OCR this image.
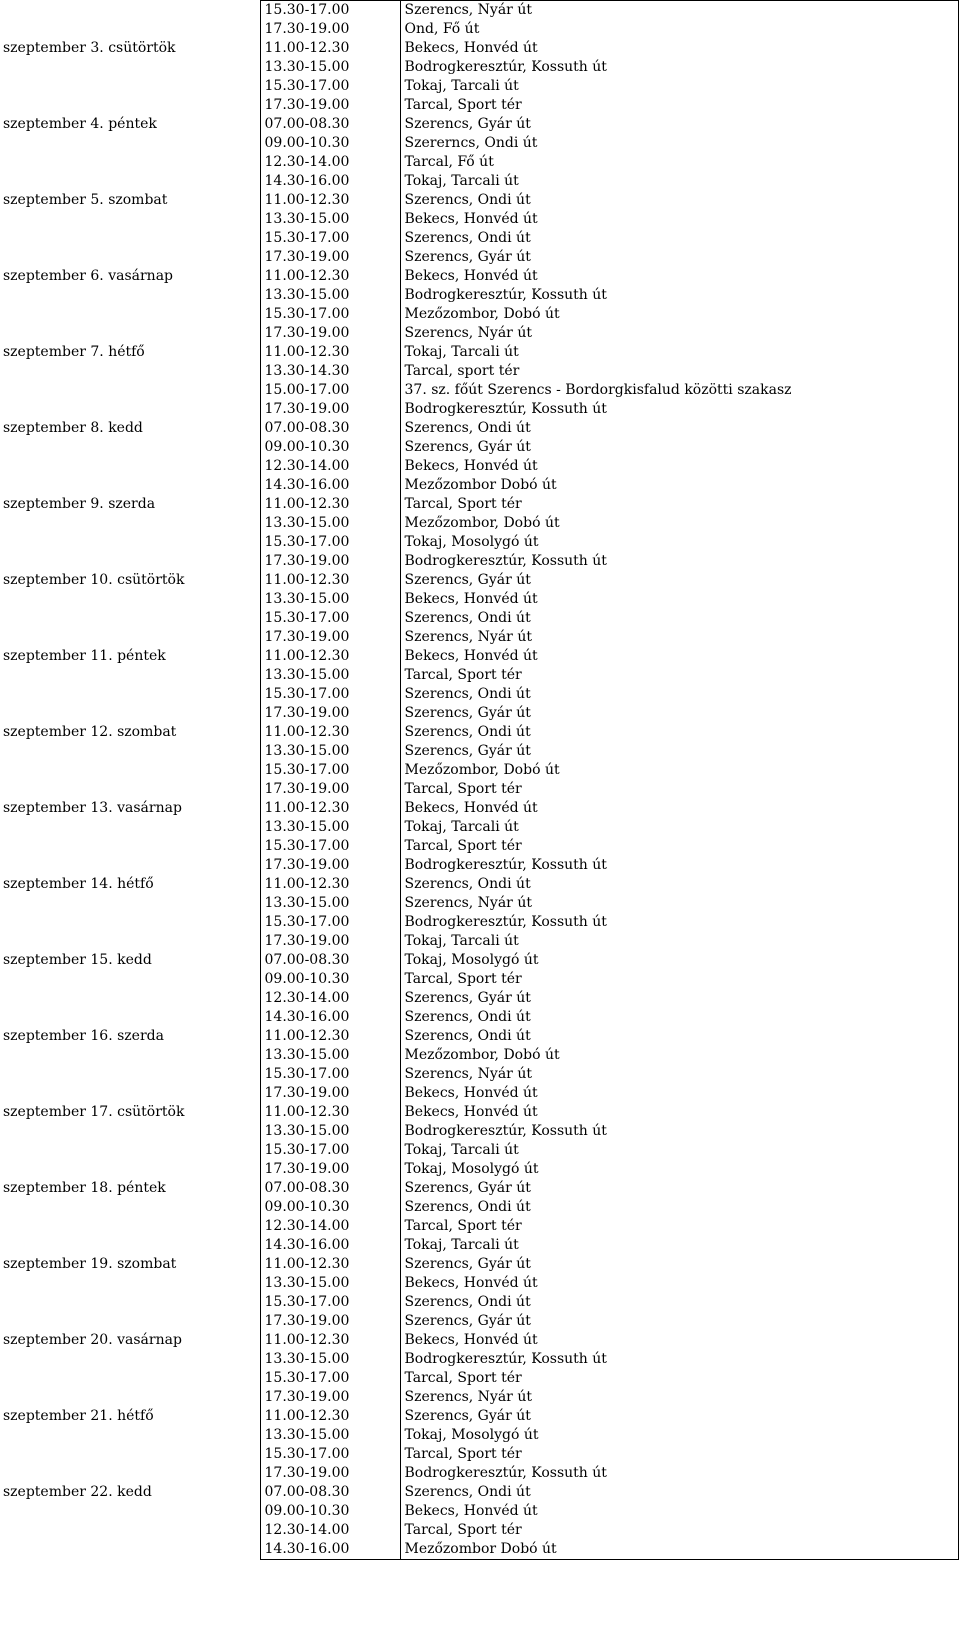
	15.30-17.00	Szerencs, Nyár út
	17.30-19.00	Ond, Fő út
szeptember 3. csütörtök	11.00-12.30	Bekecs, Honvéd út
	13.30-15.00	Bodrogkeresztúr, Kossuth út
	15.30-17.00	Tokaj, Tarcali út
	17.30-19.00	Tarcal, Sport tér
szeptember 4. péntek	07.00-08.30	Szerencs, Gyár út
	09.00-10.30	Szererncs, Ondi út
	12.30-14.00	Tarcal, Fő út
	14.30-16.00	Tokaj, Tarcali út
szeptember 5. szombat	11.00-12.30	Szerencs, Ondi út
	13.30-15.00	Bekecs, Honvéd út
	15.30-17.00	Szerencs, Ondi út
	17.30-19.00	Szerencs, Gyár út
szeptember 6. vasárnap	11.00-12.30	Bekecs, Honvéd út
	13.30-15.00	Bodrogkeresztúr, Kossuth út
	15.30-17.00	Mezőzombor, Dobó út
	17.30-19.00	Szerencs, Nyár út
szeptember 7. hétfő	11.00-12.30	Tokaj, Tarcali út
	13.30-14.30	Tarcal, sport tér
	15.00-17.00	37. sz. főút Szerencs - Bordorgkisfalud közötti szakasz
	17.30-19.00	Bodrogkeresztúr, Kossuth út
szeptember 8. kedd	07.00-08.30	Szerencs, Ondi út
	09.00-10.30	Szerencs, Gyár út
	12.30-14.00	Bekecs, Honvéd út
	14.30-16.00	Mezőzombor Dobó út
szeptember 9. szerda	11.00-12.30	Tarcal, Sport tér
	13.30-15.00	Mezőzombor, Dobó út
	15.30-17.00	Tokaj, Mosolygó út
	17.30-19.00	Bodrogkeresztúr, Kossuth út
szeptember 10. csütörtök	11.00-12.30	Szerencs, Gyár út
	13.30-15.00	Bekecs, Honvéd út
	15.30-17.00	Szerencs, Ondi út
	17.30-19.00	Szerencs, Nyár út
szeptember 11. péntek	11.00-12.30	Bekecs, Honvéd út
	13.30-15.00	Tarcal, Sport tér
	15.30-17.00	Szerencs, Ondi út
	17.30-19.00	Szerencs, Gyár út
szeptember 12. szombat	11.00-12.30	Szerencs, Ondi út
	13.30-15.00	Szerencs, Gyár út
	15.30-17.00	Mezőzombor, Dobó út
	17.30-19.00	Tarcal, Sport tér
szeptember 13. vasárnap	11.00-12.30	Bekecs, Honvéd út
	13.30-15.00	Tokaj, Tarcali út
	15.30-17.00	Tarcal, Sport tér
	17.30-19.00	Bodrogkeresztúr, Kossuth út
szeptember 14. hétfő	11.00-12.30	Szerencs, Ondi út
	13.30-15.00	Szerencs, Nyár út
	15.30-17.00	Bodrogkeresztúr, Kossuth út
	17.30-19.00	Tokaj, Tarcali út
szeptember 15. kedd	07.00-08.30	Tokaj, Mosolygó út
	09.00-10.30	Tarcal, Sport tér
	12.30-14.00	Szerencs, Gyár út
	14.30-16.00	Szerencs, Ondi út
szeptember 16. szerda	11.00-12.30	Szerencs, Ondi út
	13.30-15.00	Mezőzombor, Dobó út
	15.30-17.00	Szerencs, Nyár út
	17.30-19.00	Bekecs, Honvéd út
szeptember 17. csütörtök	11.00-12.30	Bekecs, Honvéd út
	13.30-15.00	Bodrogkeresztúr, Kossuth út
	15.30-17.00	Tokaj, Tarcali út
	17.30-19.00	Tokaj, Mosolygó út
szeptember 18. péntek	07.00-08.30	Szerencs, Gyár út
	09.00-10.30	Szerencs, Ondi út
	12.30-14.00	Tarcal, Sport tér
	14.30-16.00	Tokaj, Tarcali út
szeptember 19. szombat	11.00-12.30	Szerencs, Gyár út
	13.30-15.00	Bekecs, Honvéd út
	15.30-17.00	Szerencs, Ondi út
	17.30-19.00	Szerencs, Gyár út
szeptember 20. vasárnap	11.00-12.30	Bekecs, Honvéd út
	13.30-15.00	Bodrogkeresztúr, Kossuth út
	15.30-17.00	Tarcal, Sport tér
	17.30-19.00	Szerencs, Nyár út
szeptember 21. hétfő	11.00-12.30	Szerencs, Gyár út
	13.30-15.00	Tokaj, Mosolygó út
	15.30-17.00	Tarcal, Sport tér
	17.30-19.00	Bodrogkeresztúr, Kossuth út
szeptember 22. kedd	07.00-08.30	Szerencs, Ondi út
	09.00-10.30	Bekecs, Honvéd út
	12.30-14.00	Tarcal, Sport tér
	14.30-16.00	Mezőzombor Dobó út
